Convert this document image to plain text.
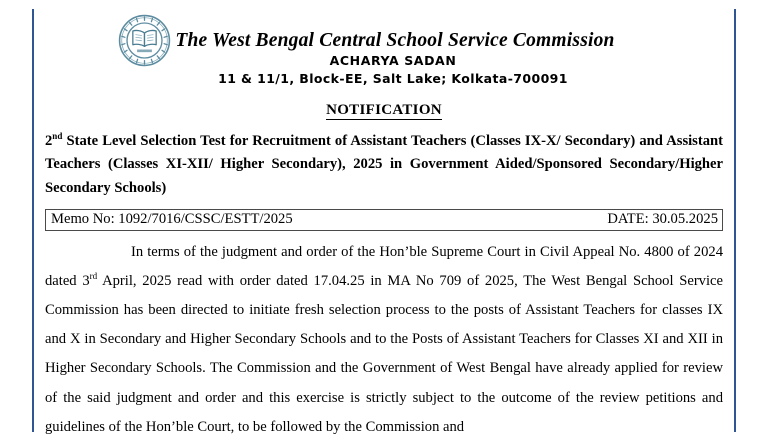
The West Bengal Central School Service Commission
ACHARYA SADAN
11 & 11/1, Block-EE, Salt Lake; Kolkata-700091
NOTIFICATION

2nd State Level Selection Test for Recruitment of Assistant Teachers (Classes IX-X/ Secondary) and Assistant Teachers (Classes XI-XII/ Higher Secondary), 2025 in Government Aided/Sponsored Secondary/Higher Secondary Schools)

Memo No: 1092/7016/CSSC/ESTT/2025	DATE: 30.05.2025

In terms of the judgment and order of the Hon’ble Supreme Court in Civil Appeal No. 4800 of 2024 dated 3rd April, 2025 read with order dated 17.04.25 in MA No 709 of 2025, The West Bengal School Service Commission has been directed to initiate fresh selection process to the posts of Assistant Teachers for classes IX and X in Secondary and Higher Secondary Schools and to the Posts of Assistant Teachers for Classes XI and XII in Higher Secondary Schools. The Commission and the Government of West Bengal have already applied for review of the said judgment and order and this exercise is strictly subject to the outcome of the review petitions and guidelines of the Hon’ble Court, to be followed by the Commission and
